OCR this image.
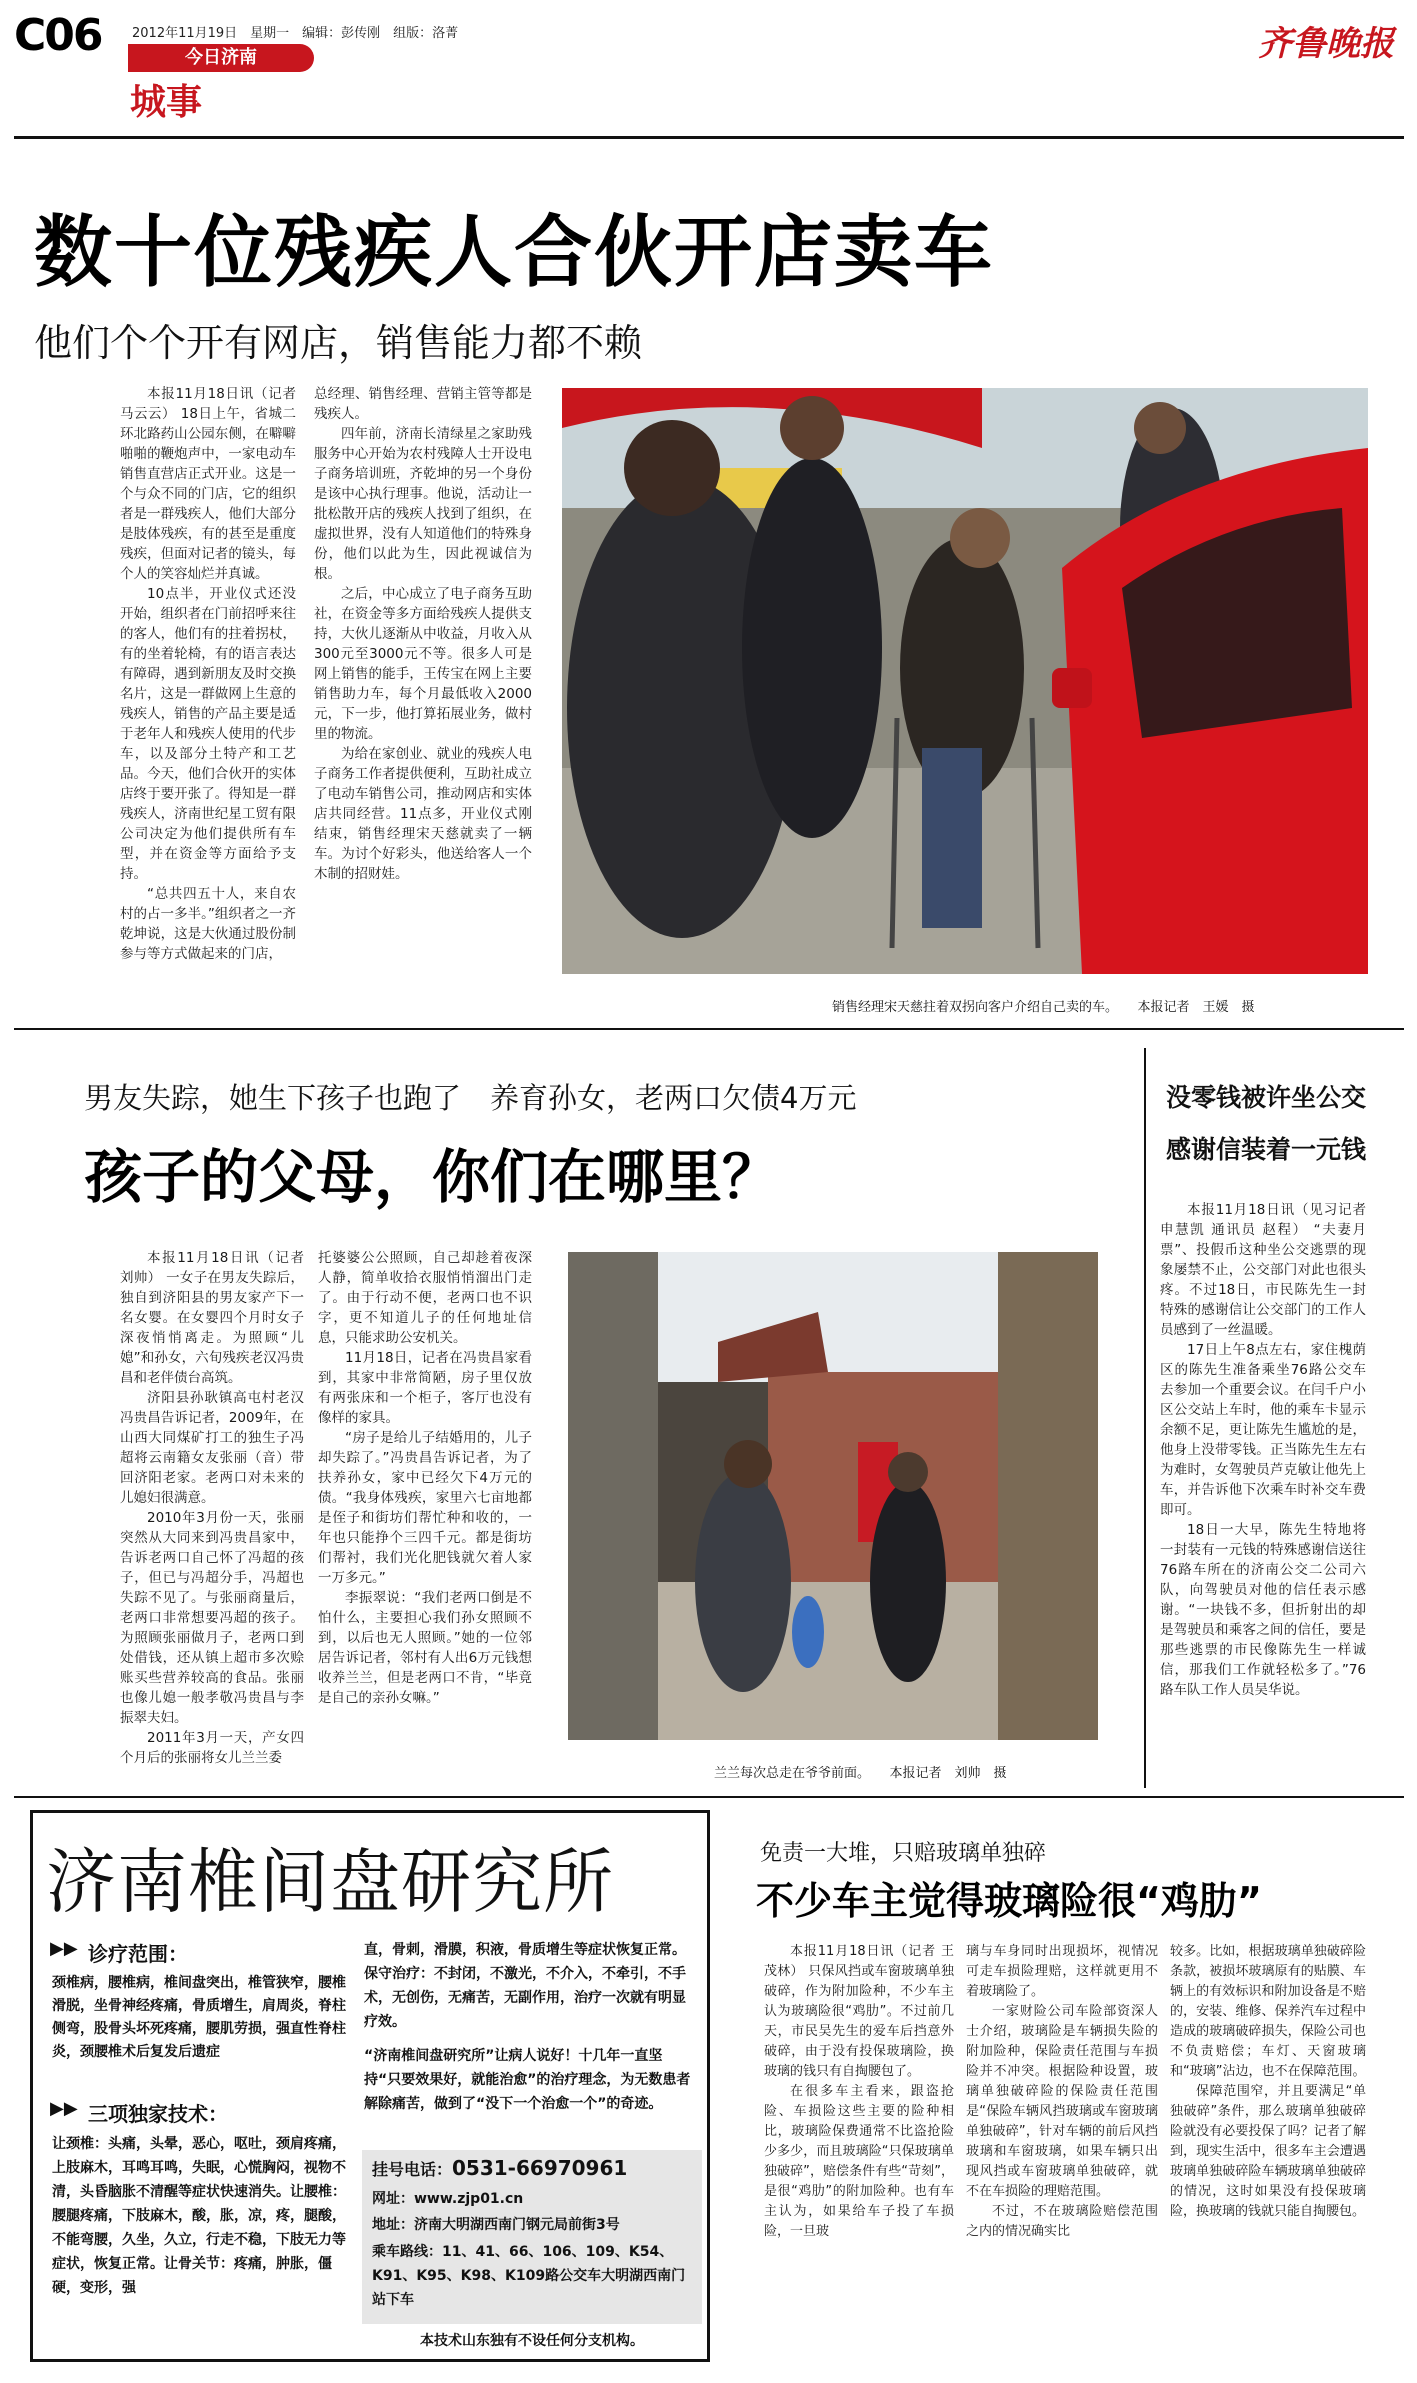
C06 2012年11月19日　星期一　编辑：彭传刚　组版：洛菁
今日济南
城事
齐鲁晚报
数十位残疾人合伙开店卖车
他们个个开有网店，销售能力都不赖

本报11月18日讯（记者 马云云） 18日上午，省城二环北路药山公园东侧，在噼噼啪啪的鞭炮声中，一家电动车销售直营店正式开业。这是一个与众不同的门店，它的组织者是一群残疾人，他们大部分是肢体残疾，有的甚至是重度残疾，但面对记者的镜头，每个人的笑容灿烂并真诚。

10点半，开业仪式还没开始，组织者在门前招呼来往的客人，他们有的拄着拐杖，有的坐着轮椅，有的语言表达有障碍，遇到新朋友及时交换名片，这是一群做网上生意的残疾人，销售的产品主要是适于老年人和残疾人使用的代步车，以及部分土特产和工艺品。今天，他们合伙开的实体店终于要开张了。得知是一群残疾人，济南世纪星工贸有限公司决定为他们提供所有车型，并在资金等方面给予支持。

“总共四五十人，来自农村的占一多半。”组织者之一齐乾坤说，这是大伙通过股份制参与等方式做起来的门店，

总经理、销售经理、营销主管等都是残疾人。

四年前，济南长清绿星之家助残服务中心开始为农村残障人士开设电子商务培训班，齐乾坤的另一个身份是该中心执行理事。他说，活动让一批松散开店的残疾人找到了组织，在虚拟世界，没有人知道他们的特殊身份，他们以此为生，因此视诚信为根。

之后，中心成立了电子商务互助社，在资金等多方面给残疾人提供支持，大伙儿逐渐从中收益，月收入从300元至3000元不等。很多人可是网上销售的能手，王传宝在网上主要销售助力车，每个月最低收入2000元，下一步，他打算拓展业务，做村里的物流。

为给在家创业、就业的残疾人电子商务工作者提供便利，互助社成立了电动车销售公司，推动网店和实体店共同经营。11点多，开业仪式刚结束，销售经理宋天慈就卖了一辆车。为讨个好彩头，他送给客人一个木制的招财娃。

销售经理宋天慈拄着双拐向客户介绍自己卖的车。　　本报记者　王媛　摄
男友失踪，她生下孩子也跑了　养育孙女，老两口欠债4万元
孩子的父母，你们在哪里？

本报11月18日讯（记者 刘帅） 一女子在男友失踪后，独自到济阳县的男友家产下一名女婴。在女婴四个月时女子深夜悄悄离走。为照顾“儿媳”和孙女，六旬残疾老汉冯贵昌和老伴债台高筑。

济阳县孙耿镇高屯村老汉冯贵昌告诉记者，2009年，在山西大同煤矿打工的独生子冯超将云南籍女友张丽（音）带回济阳老家。老两口对未来的儿媳妇很满意。

2010年3月份一天，张丽突然从大同来到冯贵昌家中，告诉老两口自己怀了冯超的孩子，但已与冯超分手，冯超也失踪不见了。与张丽商量后，老两口非常想要冯超的孩子。为照顾张丽做月子，老两口到处借钱，还从镇上超市多次赊账买些营养较高的食品。张丽也像儿媳一般孝敬冯贵昌与李振翠夫妇。

2011年3月一天，产女四个月后的张丽将女儿兰兰委

托婆婆公公照顾，自己却趁着夜深人静，简单收拾衣服悄悄溜出门走了。由于行动不便，老两口也不识字，更不知道儿子的任何地址信息，只能求助公安机关。

11月18日，记者在冯贵昌家看到，其家中非常简陋，房子里仅放有两张床和一个柜子，客厅也没有像样的家具。

“房子是给儿子结婚用的，儿子却失踪了。”冯贵昌告诉记者，为了扶养孙女，家中已经欠下4万元的债。“我身体残疾，家里六七亩地都是侄子和街坊们帮忙种和收的，一年也只能挣个三四千元。都是街坊们帮衬，我们光化肥钱就欠着人家一万多元。”

李振翠说：“我们老两口倒是不怕什么，主要担心我们孙女照顾不到，以后也无人照顾。”她的一位邻居告诉记者，邻村有人出6万元钱想收养兰兰，但是老两口不肯，“毕竟是自己的亲孙女嘛。”

兰兰每次总走在爷爷前面。　　本报记者　刘帅　摄
没零钱被许坐公交
感谢信装着一元钱

本报11月18日讯（见习记者 申慧凯 通讯员 赵程） “夫妻月票”、投假币这种坐公交逃票的现象屡禁不止，公交部门对此也很头疼。不过18日，市民陈先生一封特殊的感谢信让公交部门的工作人员感到了一丝温暖。

17日上午8点左右，家住槐荫区的陈先生准备乘坐76路公交车去参加一个重要会议。在闫千户小区公交站上车时，他的乘车卡显示余额不足，更让陈先生尴尬的是，他身上没带零钱。正当陈先生左右为难时，女驾驶员芦克敏让他先上车，并告诉他下次乘车时补交车费即可。

18日一大早，陈先生特地将一封装有一元钱的特殊感谢信送往76路车所在的济南公交二公司六队，向驾驶员对他的信任表示感谢。“一块钱不多，但折射出的却是驾驶员和乘客之间的信任，要是那些逃票的市民像陈先生一样诚信，那我们工作就轻松多了。”76路车队工作人员吴华说。

济南椎间盘研究所
诊疗范围：
▶▶
颈椎病，腰椎病，椎间盘突出，椎管狭窄，腰椎滑脱，坐骨神经疼痛，骨质增生，肩周炎，脊柱侧弯，股骨头坏死疼痛，腰肌劳损，强直性脊柱炎，颈腰椎术后复发后遗症
三项独家技术：
▶▶
让颈椎：头痛，头晕，恶心，呕吐，颈肩疼痛，上肢麻木，耳鸣耳鸣，失眠，心慌胸闷，视物不清，头昏脑胀不清醒等症状快速消失。让腰椎：腰腿疼痛，下肢麻木，酸，胀，凉，疼，腿酸，不能弯腰，久坐，久立，行走不稳，下肢无力等症状，恢复正常。让骨关节：疼痛，肿胀，僵硬，变形，强
直，骨刺，滑膜，积液，骨质增生等症状恢复正常。
保守治疗：不封闭，不激光，不介入，不牵引，不手术，无创伤，无痛苦，无副作用，治疗一次就有明显疗效。
“济南椎间盘研究所”让病人说好！十几年一直坚持“只要效果好，就能治愈”的治疗理念，为无数患者解除痛苦，做到了“没下一个治愈一个”的奇迹。
挂号电话：0531-66970961
网址：www.zjp01.cn
地址：济南大明湖西南门钢元局前街3号
乘车路线：11、41、66、106、109、K54、K91、K95、K98、K109路公交车大明湖西南门站下车
本技术山东独有不设任何分支机构。
免责一大堆，只赔玻璃单独碎
不少车主觉得玻璃险很“鸡肋”

本报11月18日讯（记者 王茂林） 只保风挡或车窗玻璃单独破碎，作为附加险种，不少车主认为玻璃险很“鸡肋”。不过前几天，市民吴先生的爱车后挡意外破碎，由于没有投保玻璃险，换玻璃的钱只有自掏腰包了。

在很多车主看来，跟盗抢险、车损险这些主要的险种相比，玻璃险保费通常不比盗抢险少多少，而且玻璃险“只保玻璃单独破碎”，赔偿条件有些“苛刻”，是很“鸡肋”的附加险种。也有车主认为，如果给车子投了车损险，一旦玻

璃与车身同时出现损坏，视情况可走车损险理赔，这样就更用不着玻璃险了。

一家财险公司车险部资深人士介绍，玻璃险是车辆损失险的附加险种，保险责任范围与车损险并不冲突。根据险种设置，玻璃单独破碎险的保险责任范围是“保险车辆风挡玻璃或车窗玻璃单独破碎”，针对车辆的前后风挡玻璃和车窗玻璃，如果车辆只出现风挡或车窗玻璃单独破碎，就不在车损险的理赔范围。

不过，不在玻璃险赔偿范围之内的情况确实比

较多。比如，根据玻璃单独破碎险条款，被损坏玻璃原有的贴膜、车辆上的有效标识和附加设备是不赔的，安装、维修、保养汽车过程中造成的玻璃破碎损失，保险公司也不负责赔偿；车灯、天窗玻璃和“玻璃”沾边，也不在保障范围。

保障范围窄，并且要满足“单独破碎”条件，那么玻璃单独破碎险就没有必要投保了吗？记者了解到，现实生活中，很多车主会遭遇玻璃单独破碎险车辆玻璃单独破碎的情况，这时如果没有投保玻璃险，换玻璃的钱就只能自掏腰包。
